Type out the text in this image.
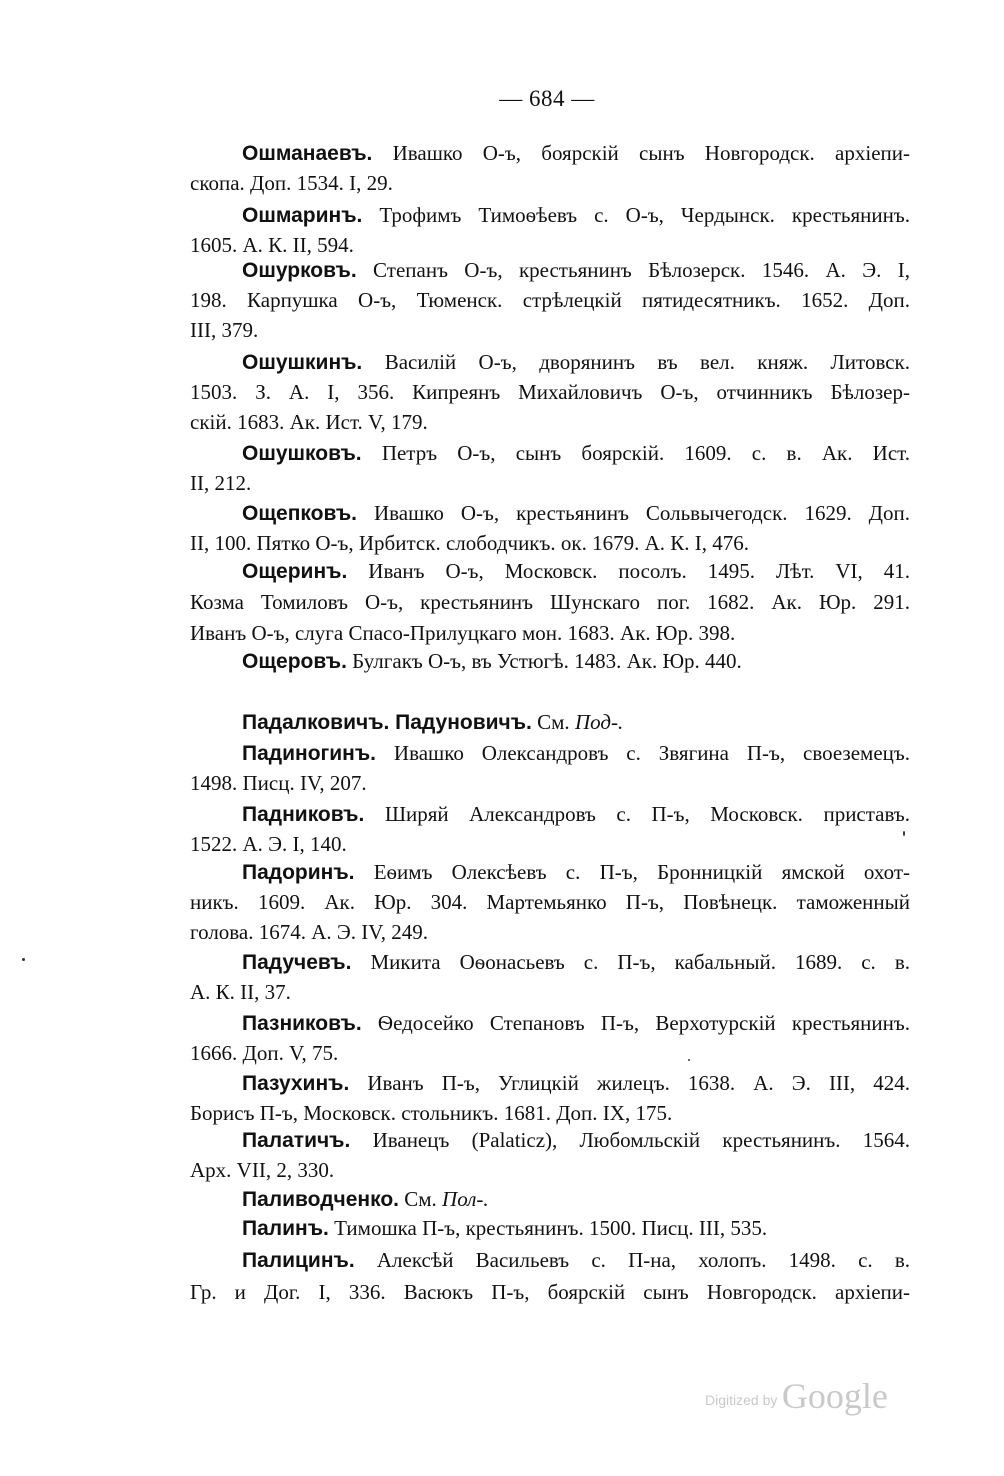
— 684 —
Ошманаевъ. Ивашко О-ъ, боярскій сынъ Новгородск. архіепи-
скопа. Доп. 1534. I, 29.
Ошмаринъ. Трофимъ Тимоѳѣевъ с. О-ъ, Чердынск. крестьянинъ.
1605. А. К. II, 594.
Ошурковъ. Степанъ О-ъ, крестьянинъ Бѣлозерск. 1546. А. Э. I,
198. Карпушка О-ъ, Тюменск. стрѣлецкій пятидесятникъ. 1652. Доп.
III, 379.
Ошушкинъ. Василій О-ъ, дворянинъ въ вел. княж. Литовск.
1503. З. А. I, 356. Кипреянъ Михайловичъ О-ъ, отчинникъ Бѣлозер-
скій. 1683. Ак. Ист. V, 179.
Ошушковъ. Петръ О-ъ, сынъ боярскій. 1609. с. в. Ак. Ист.
II, 212.
Ощепковъ. Ивашко О-ъ, крестьянинъ Сольвычегодск. 1629. Доп.
II, 100. Пятко О-ъ, Ирбитск. слободчикъ. ок. 1679. А. К. I, 476.
Ощеринъ. Иванъ О-ъ, Московск. посолъ. 1495. Лѣт. VI, 41.
Козма Томиловъ О-ъ, крестьянинъ Шунскаго пог. 1682. Ак. Юр. 291.
Иванъ О-ъ, слуга Спасо-Прилуцкаго мон. 1683. Ак. Юр. 398.
Ощеровъ. Булгакъ О-ъ, въ Устюгѣ. 1483. Ак. Юр. 440.
Падалковичъ. Падуновичъ. См. Под-.
Падиногинъ. Ивашко Олександровъ с. Звягина П-ъ, своеземецъ.
1498. Писц. IV, 207.
Падниковъ. Ширяй Александровъ с. П-ъ, Московск. приставъ.
1522. А. Э. I, 140.
Падоринъ. Еѳимъ Олексѣевъ с. П-ъ, Бронницкій ямской охот-
никъ. 1609. Ак. Юр. 304. Мартемьянко П-ъ, Повѣнецк. таможенный
голова. 1674. А. Э. IV, 249.
Падучевъ. Микита Оѳонасьевъ с. П-ъ, кабальный. 1689. с. в.
А. К. II, 37.
Пазниковъ. Ѳедосейко Степановъ П-ъ, Верхотурскій крестьянинъ.
1666. Доп. V, 75.
Пазухинъ. Иванъ П-ъ, Углицкій жилецъ. 1638. А. Э. III, 424.
Борисъ П-ъ, Московск. стольникъ. 1681. Доп. IX, 175.
Палатичъ. Иванецъ (Palaticz), Любомльскій крестьянинъ. 1564.
Арх. VII, 2, 330.
Паливодченко. См. Пол-.
Палинъ. Тимошка П-ъ, крестьянинъ. 1500. Писц. III, 535.
Палицинъ. Алексѣй Васильевъ с. П-на, холопъ. 1498. с. в.
Гр. и Дог. I, 336. Васюкъ П-ъ, боярскій сынъ Новгородск. архіепи-
Digitized by Google
